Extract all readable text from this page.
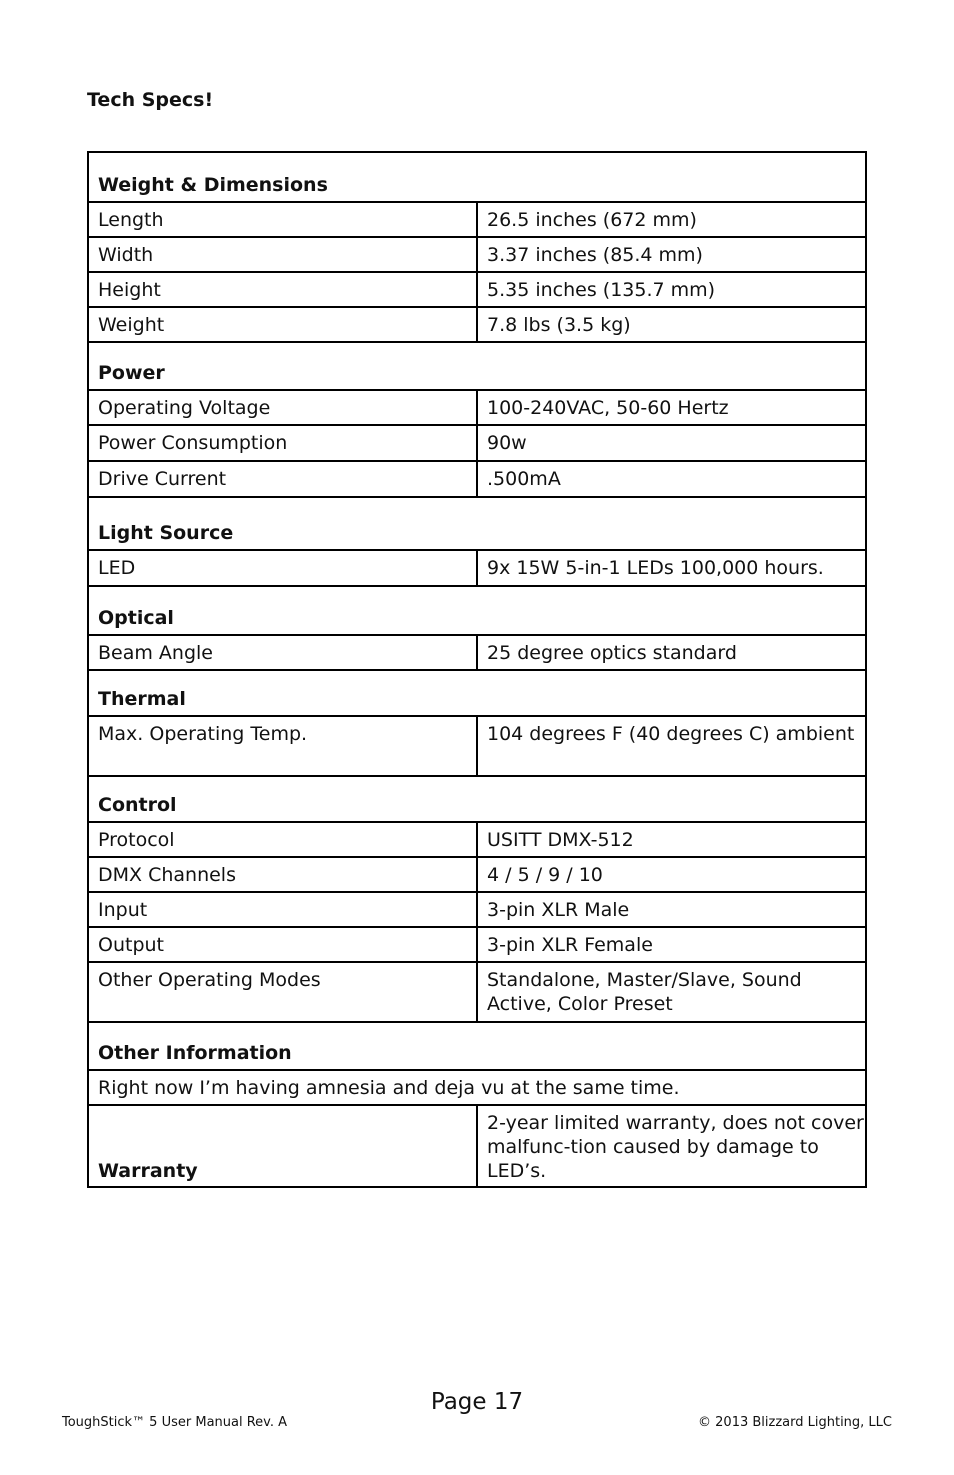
Tech Specs!
Weight & Dimensions	
Length	26.5 inches (672 mm)
Width	3.37 inches (85.4 mm)
Height	5.35 inches (135.7 mm)
Weight	7.8 lbs (3.5 kg)
Power	
Operating Voltage	100-240VAC, 50-60 Hertz
Power Consumption	90w
Drive Current	.500mA
Light Source	
LED	9x 15W 5-in-1 LEDs 100,000 hours.
Optical	
Beam Angle	25 degree optics standard
Thermal	
Max. Operating Temp.	104 degrees F (40 degrees C) ambient
Control	
Protocol	USITT DMX-512
DMX Channels	4 / 5 / 9 / 10
Input	3-pin XLR Male
Output	3-pin XLR Female
Other Operating Modes	Standalone, Master/Slave, Sound Active, Color Preset
Other Information	
Right now I’m having amnesia and deja vu at the same time.	
Warranty	2-year limited warranty, does not cover malfunc-tion caused by damage to LED’s.
Page 17
ToughStick™ 5 User Manual Rev. A	© 2013 Blizzard Lighting, LLC
